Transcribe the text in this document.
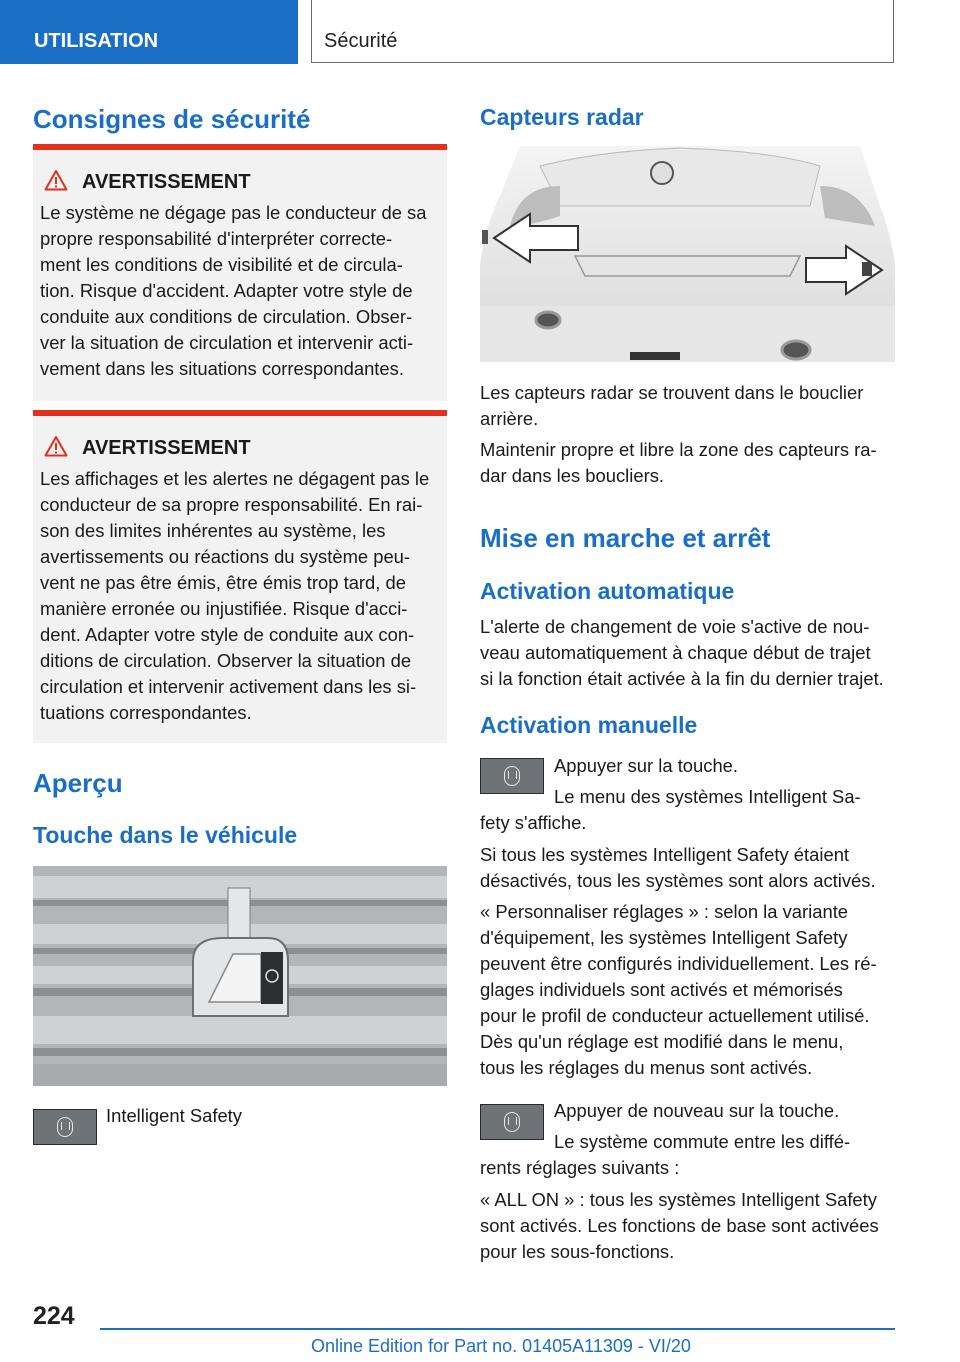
UTILISATION	Sécurité
Consignes de sécurité
AVERTISSEMENT

Le système ne dégage pas le conducteur de sa
propre responsabilité d'interpréter correcte-
ment les conditions de visibilité et de circula-
tion. Risque d'accident. Adapter votre style de
conduite aux conditions de circulation. Obser-
ver la situation de circulation et intervenir acti-
vement dans les situations correspondantes.

AVERTISSEMENT

Les affichages et les alertes ne dégagent pas le
conducteur de sa propre responsabilité. En rai-
son des limites inhérentes au système, les
avertissements ou réactions du système peu-
vent ne pas être émis, être émis trop tard, de
manière erronée ou injustifiée. Risque d'acci-
dent. Adapter votre style de conduite aux con-
ditions de circulation. Observer la situation de
circulation et intervenir activement dans les si-
tuations correspondantes.

Aperçu
Touche dans le véhicule

Intelligent Safety

Capteurs radar

Les capteurs radar se trouvent dans le bouclier
arrière.

Maintenir propre et libre la zone des capteurs ra-
dar dans les boucliers.

Mise en marche et arrêt
Activation automatique

L'alerte de changement de voie s'active de nou-
veau automatiquement à chaque début de trajet
si la fonction était activée à la fin du dernier trajet.

Activation manuelle

Appuyer sur la touche.

Le menu des systèmes Intelligent Sa-

fety s'affiche.

Si tous les systèmes Intelligent Safety étaient
désactivés, tous les systèmes sont alors activés.

« Personnaliser réglages » : selon la variante
d'équipement, les systèmes Intelligent Safety
peuvent être configurés individuellement. Les ré-
glages individuels sont activés et mémorisés
pour le profil de conducteur actuellement utilisé.
Dès qu'un réglage est modifié dans le menu,
tous les réglages du menus sont activés.

Appuyer de nouveau sur la touche.

Le système commute entre les diffé-

rents réglages suivants :

« ALL ON » : tous les systèmes Intelligent Safety
sont activés. Les fonctions de base sont activées
pour les sous-fonctions.

224
Online Edition for Part no. 01405A11309 - VI/20
